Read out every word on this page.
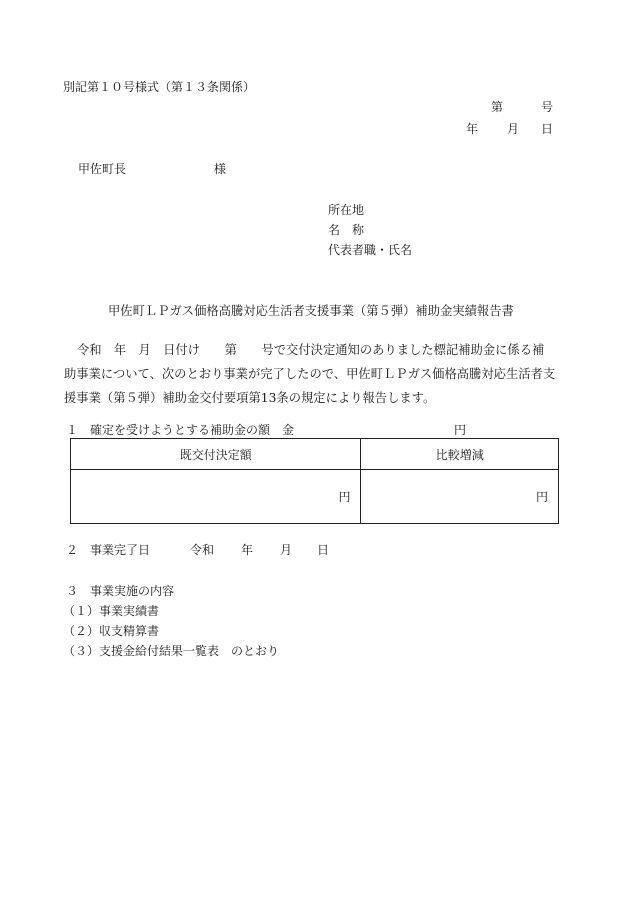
別記第１０号様式（第１３条関係）
第	号
年 月 日
甲佐町長	様
所在地
名　称
代表者職・氏名
甲佐町ＬＰガス価格高騰対応生活者支援事業（第５弾）補助金実績報告書
令和　年　月　日付け　　第　　号で交付決定通知のありました標記補助金に係る補
助事業について、次のとおり事業が完了したので、甲佐町ＬＰガス価格高騰対応生活者支
援事業（第５弾）補助金交付要項第13条の規定により報告します。
１　確定を受けようとする補助金の額　金	円
既交付決定額	比較増減
円	円
２　事業完了日	令和 年 月 日
３　事業実施の内容
（１）事業実績書
（２）収支精算書
（３）支援金給付結果一覧表　のとおり
